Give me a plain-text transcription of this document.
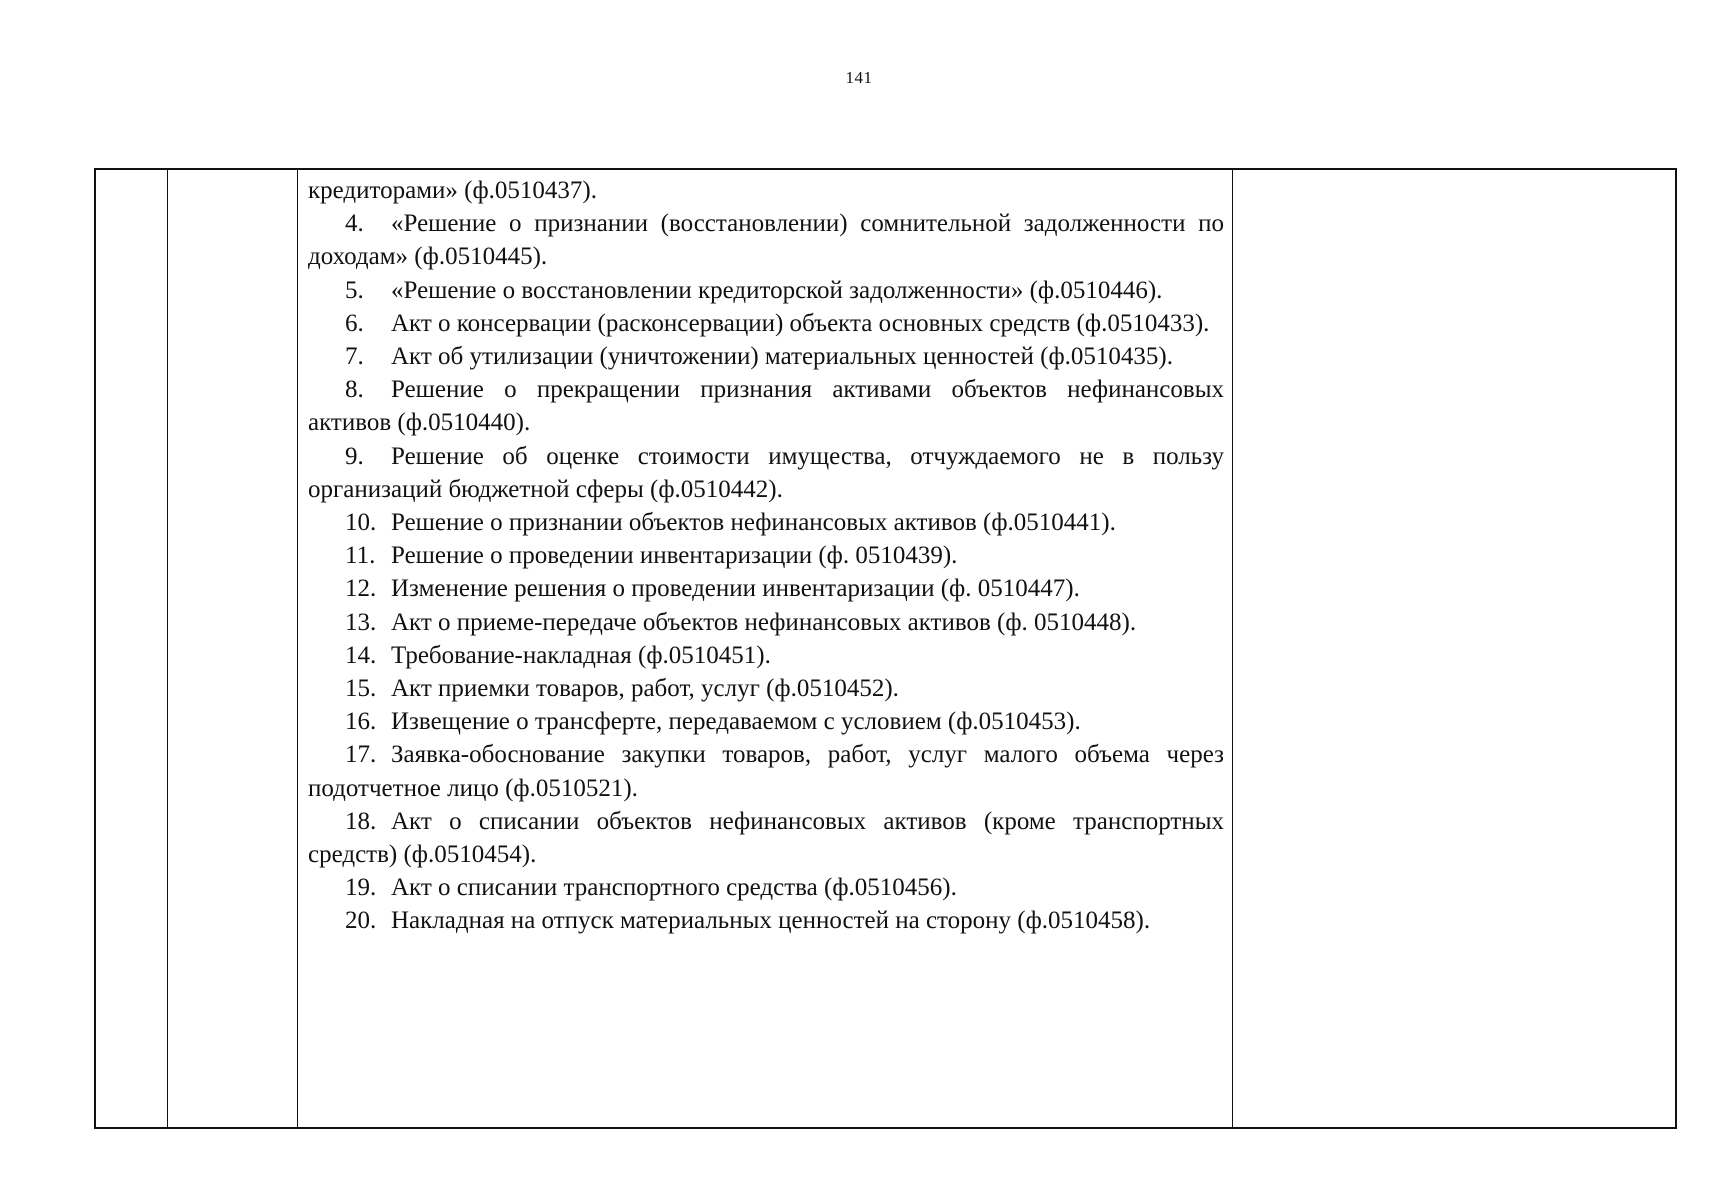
141

кредиторами» (ф.0510437).

4. «Решение о признании (восстановлении) сомнительной задолженности по доходам» (ф.0510445).

5. «Решение о восстановлении кредиторской задолженности» (ф.0510446).

6. Акт о консервации (расконсервации) объекта основных средств (ф.0510433).

7. Акт об утилизации (уничтожении) материальных ценностей (ф.0510435).

8. Решение о прекращении признания активами объектов нефинансовых активов (ф.0510440).

9. Решение об оценке стоимости имущества, отчуждаемого не в пользу организаций бюджетной сферы (ф.0510442).

10. Решение о признании объектов нефинансовых активов (ф.0510441).

11. Решение о проведении инвентаризации (ф. 0510439).

12. Изменение решения о проведении инвентаризации (ф. 0510447).

13. Акт о приеме-передаче объектов нефинансовых активов (ф. 0510448).

14. Требование-накладная (ф.0510451).

15. Акт приемки товаров, работ, услуг (ф.0510452).

16. Извещение о трансферте, передаваемом с условием (ф.0510453).

17. Заявка-обоснование закупки товаров, работ, услуг малого объема через подотчетное лицо (ф.0510521).

18. Акт о списании объектов нефинансовых активов (кроме транспортных средств) (ф.0510454).

19. Акт о списании транспортного средства (ф.0510456).

20. Накладная на отпуск материальных ценностей на сторону (ф.0510458).
